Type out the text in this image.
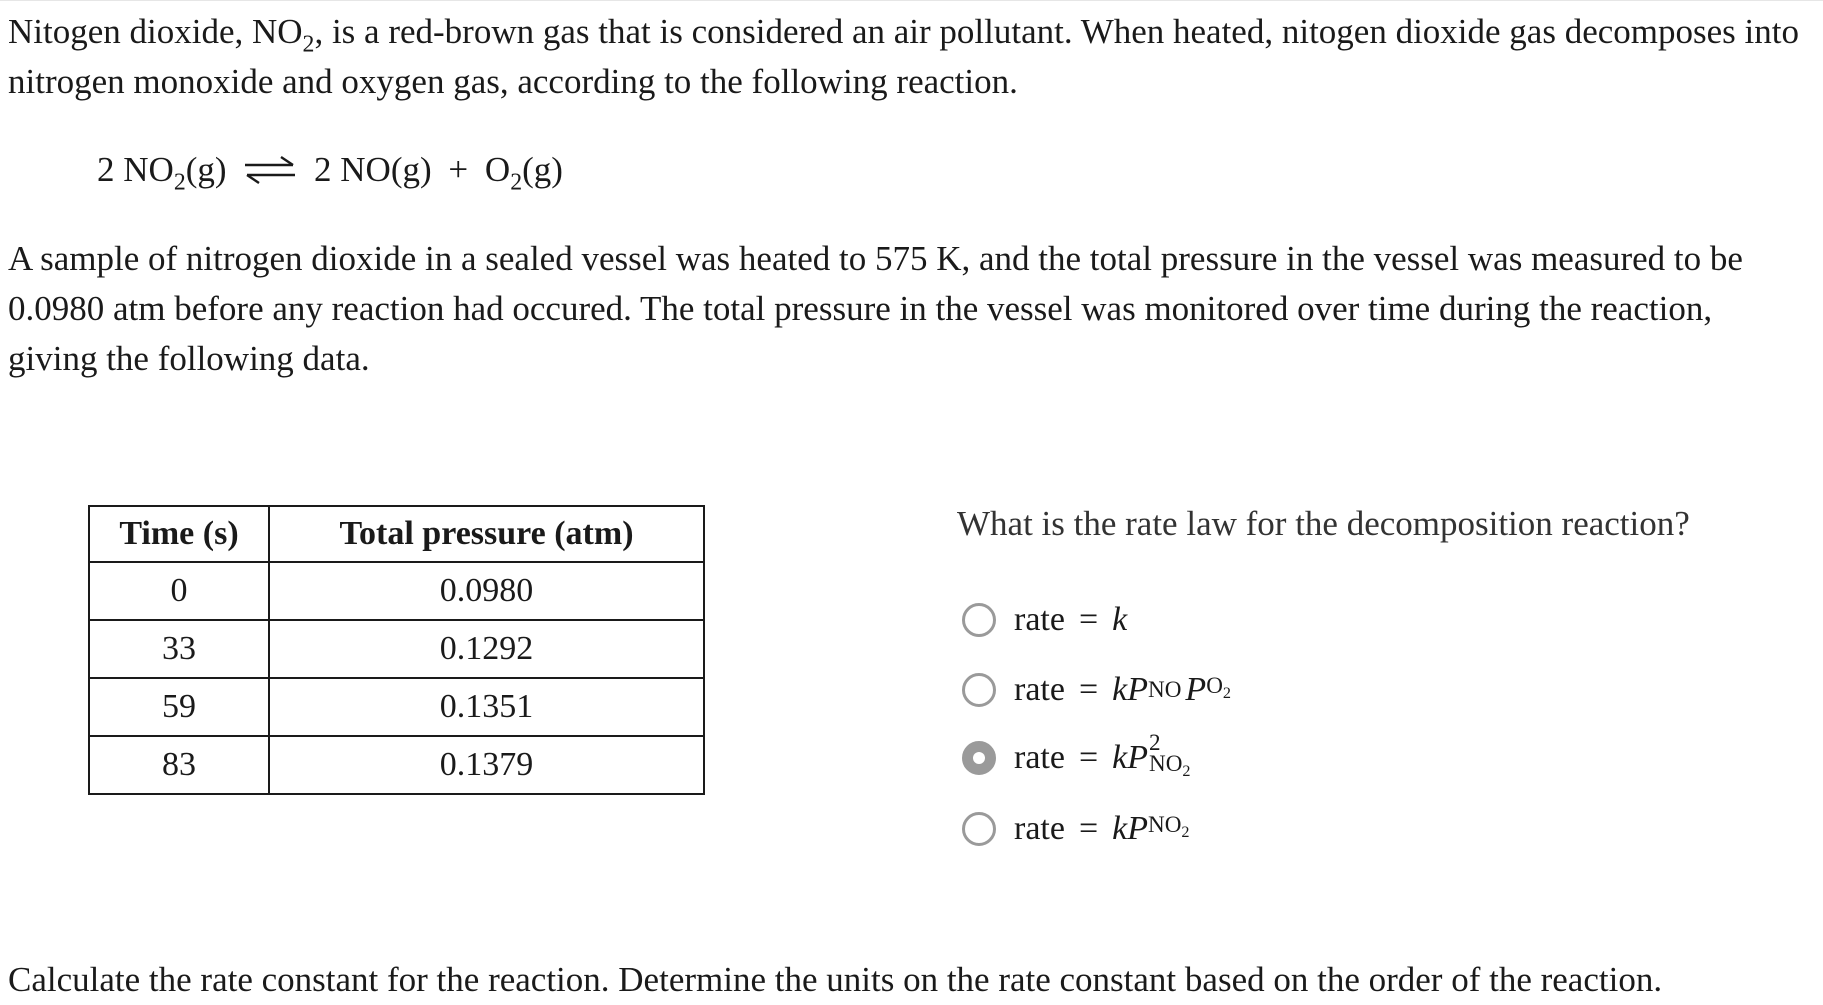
Nitogen dioxide, $NO_2$, is a red-brown gas that is considered an air pollutant. When heated, nitogen dioxide gas decomposes into nitrogen monoxide and oxygen gas, according to the following reaction.

2 $NO_2(g)$ ⇌ 2 $NO(g) + O_2(g)$

A sample of nitrogen dioxide in a sealed vessel was heated to 575 K, and the total pressure in the vessel was measured to be 0.0980 atm before any reaction had occured. The total pressure in the vessel was monitored over time during the reaction, giving the following data.

Time (s)	Total pressure (atm)
0	0.0980
33	0.1292
59	0.1351
83	0.1379

What is the rate law for the decomposition reaction?

rate = k
rate = k P NO P $O_2$
rate = k P 2
$NO_2$
rate = k P $NO_2$

Calculate the rate constant for the reaction. Determine the units on the rate constant based on the order of the reaction.
